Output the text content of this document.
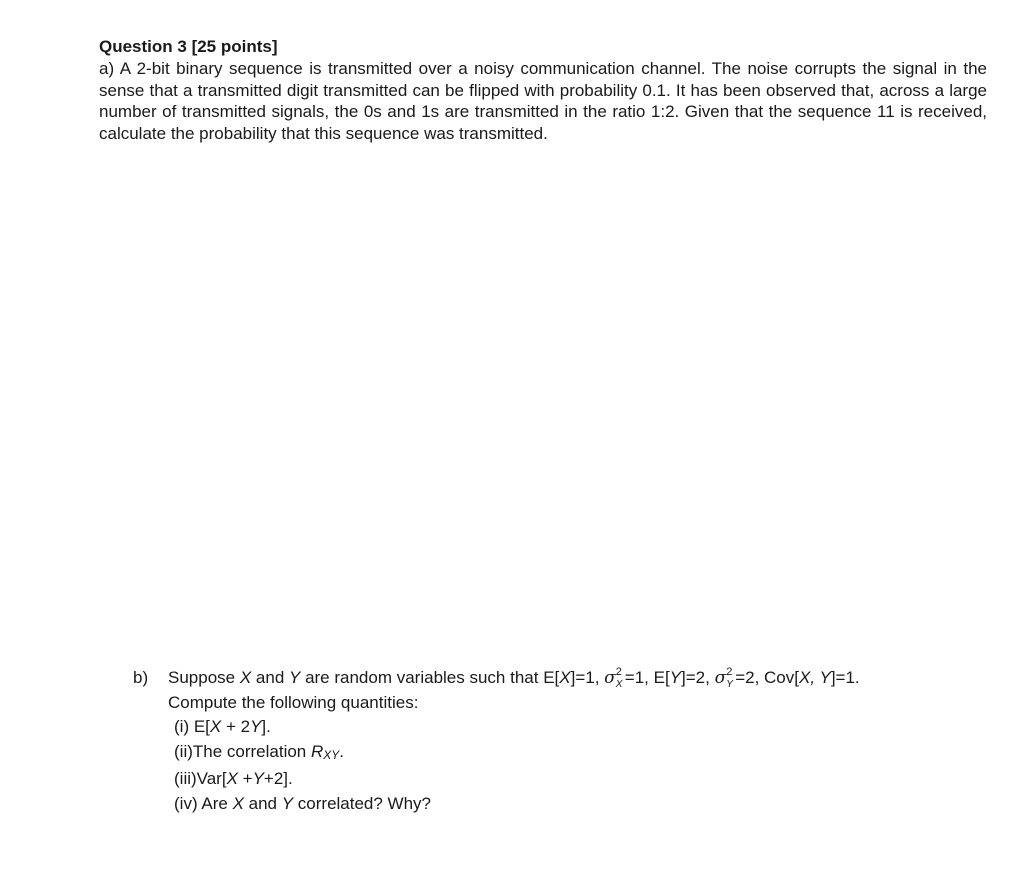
Question 3 [25 points]

a) A 2-bit binary sequence is transmitted over a noisy communication channel. The noise corrupts the signal in the sense that a transmitted digit transmitted can be flipped with probability 0.1. It has been observed that, across a large number of transmitted signals, the 0s and 1s are transmitted in the ratio 1:2. Given that the sequence 11 is received, calculate the probability that this sequence was transmitted.

b)	Suppose X and Y are random variables such that E[X]=1, σ 2
X =1, E[Y]=2, σ 2
Y =2, Cov[X, Y]=1.
Compute the following quantities:
(i) E[X + 2Y].
(ii)The correlation RXY.
(iii)Var[X +Y+2].
(iv) Are X and Y correlated? Why?
